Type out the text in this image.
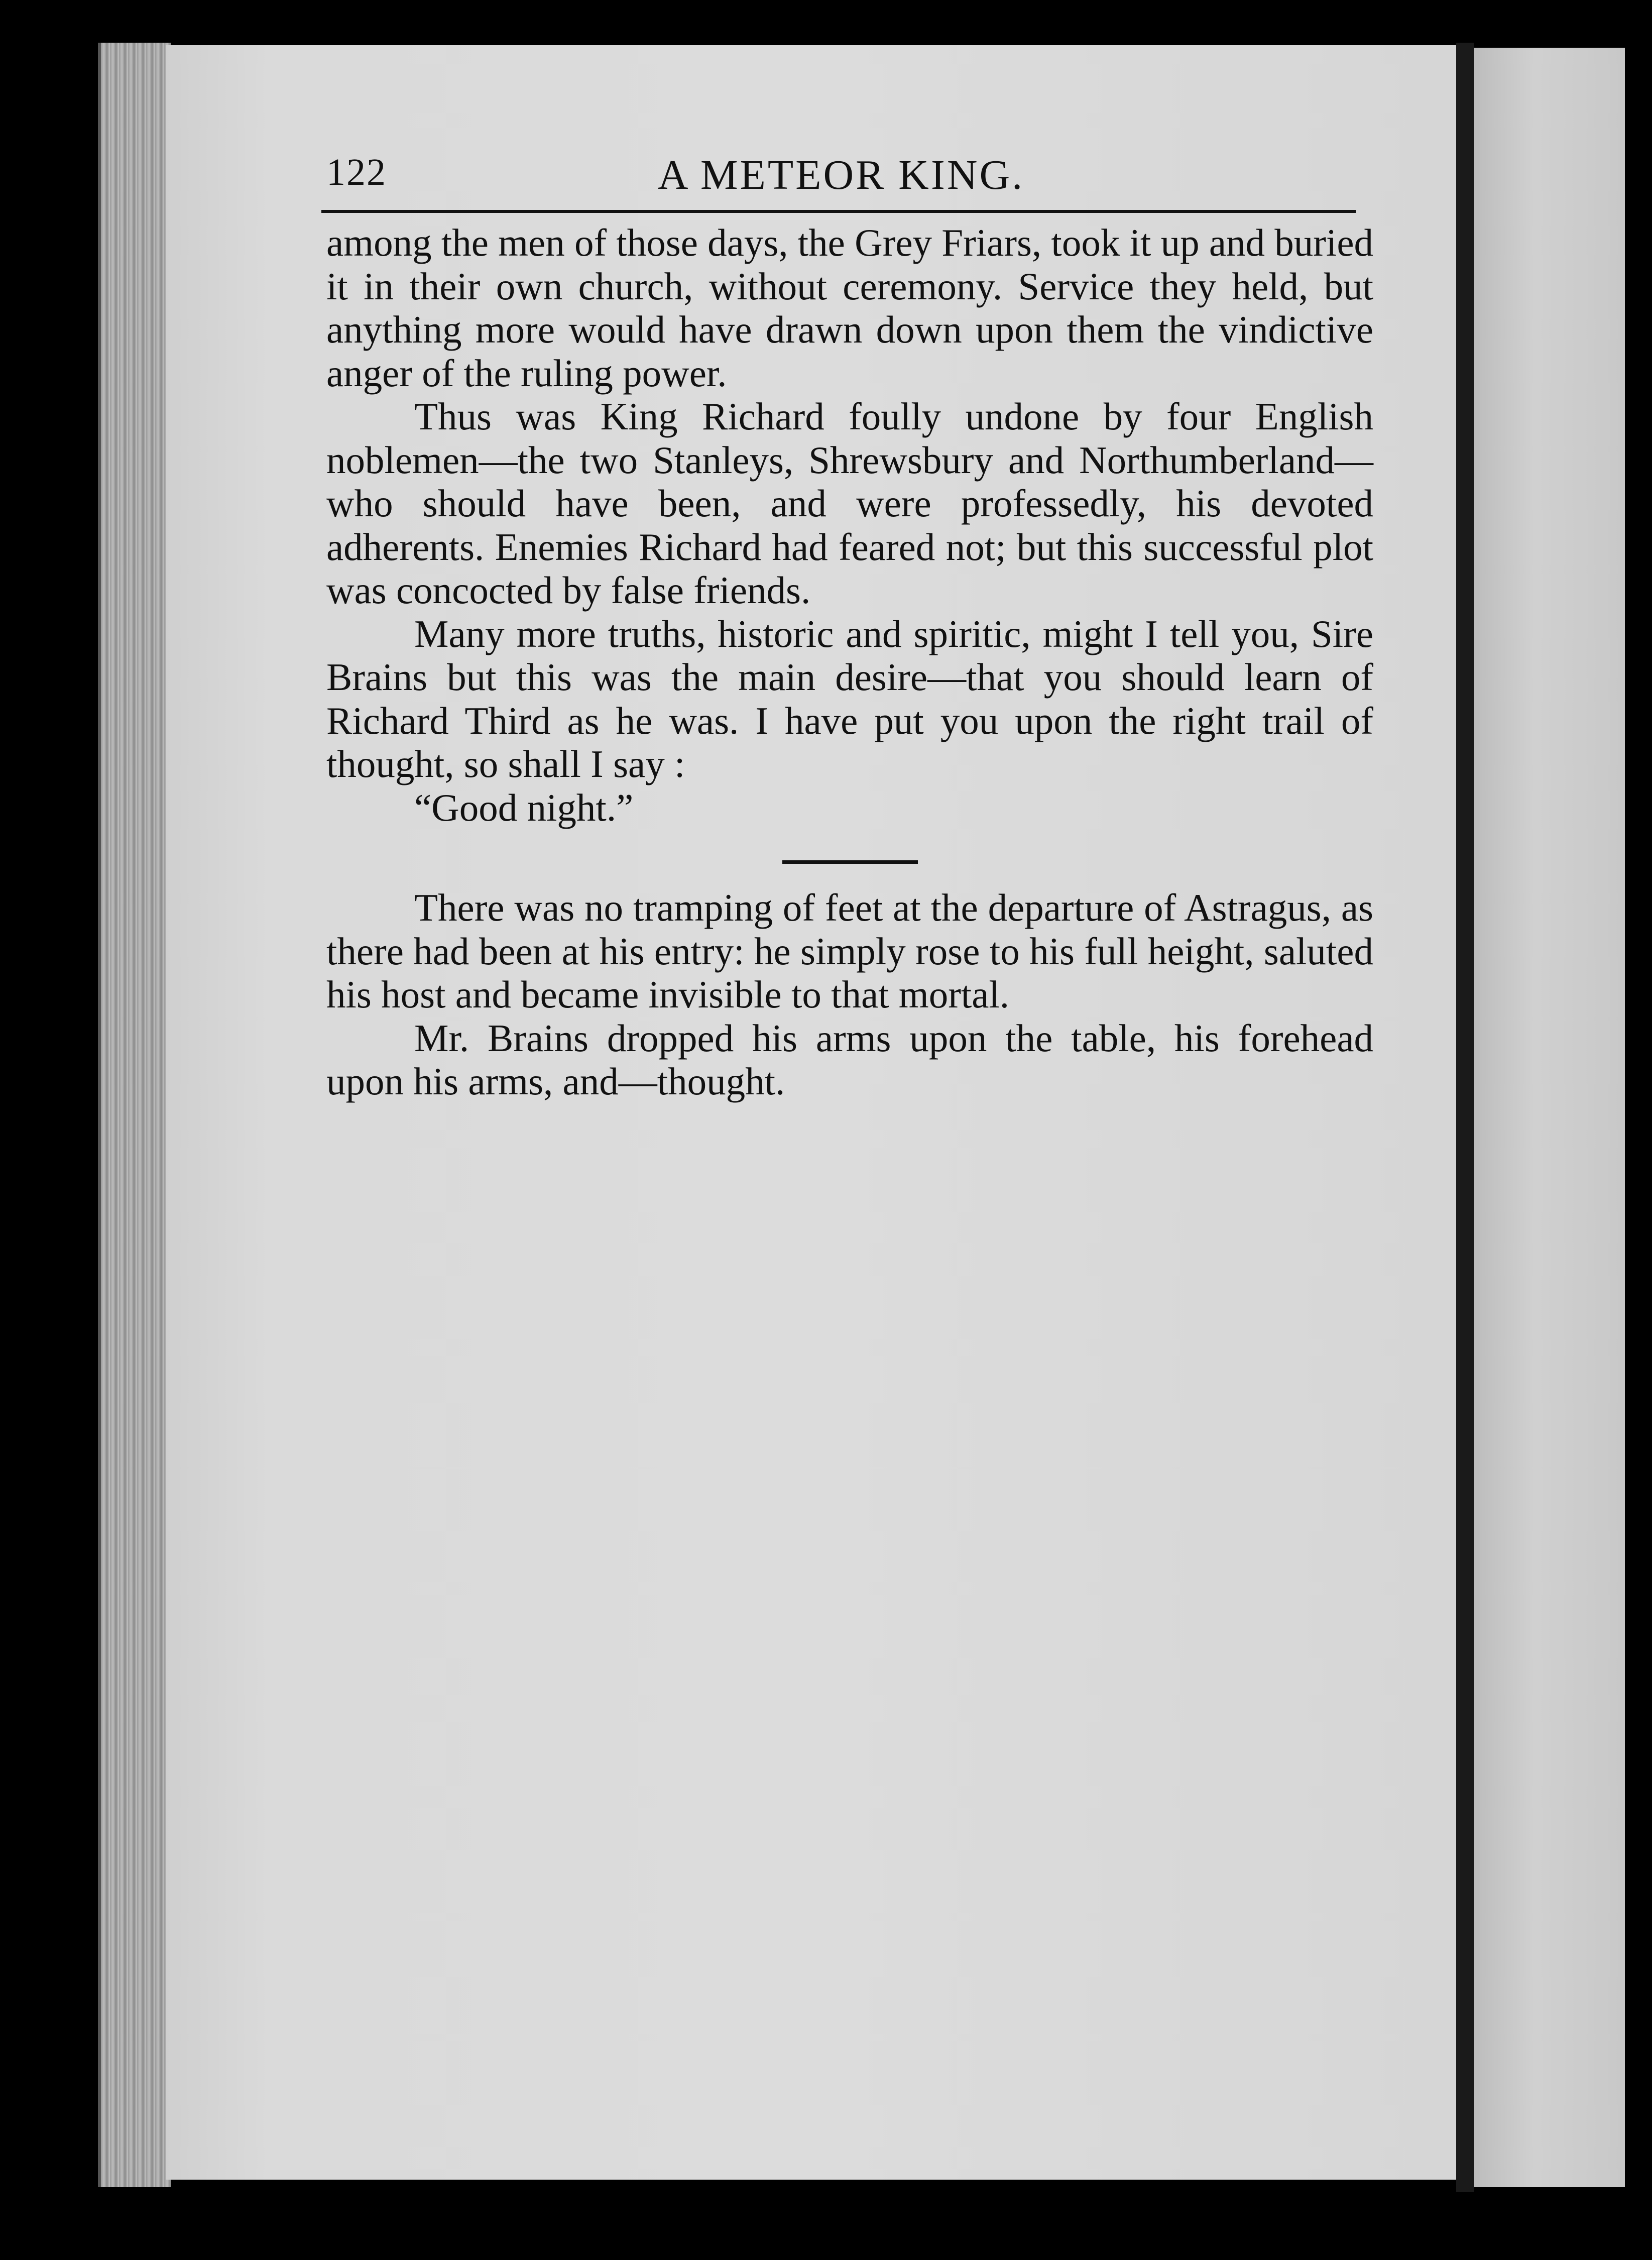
122	A METEOR KING.

among the men of those days, the Grey Friars, took it up and buried it in their own church, without ceremony. Service they held, but anything more would have drawn down upon them the vindictive anger of the ruling power.

Thus was King Richard foully undone by four English noblemen—the two Stanleys, Shrewsbury and Northumberland—who should have been, and were professedly, his devoted adherents. Enemies Richard had feared not; but this successful plot was concocted by false friends.

Many more truths, historic and spiritic, might I tell you, Sire Brains but this was the main desire—that you should learn of Richard Third as he was. I have put you upon the right trail of thought, so shall I say :

“Good night.”

There was no tramping of feet at the departure of Astragus, as there had been at his entry: he simply rose to his full height, saluted his host and became invisible to that mortal.

Mr. Brains dropped his arms upon the table, his forehead upon his arms, and—thought.
